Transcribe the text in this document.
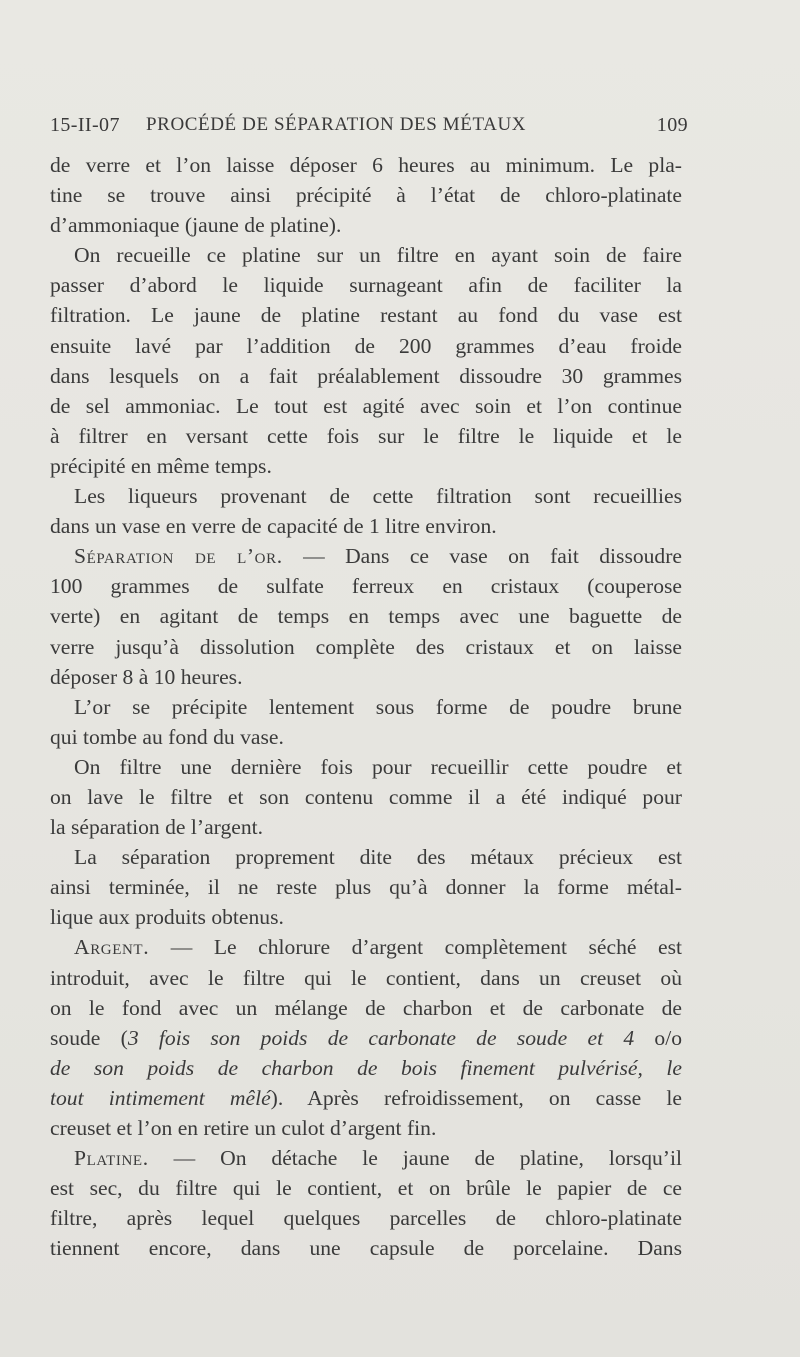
15-II-07 PROCÉDÉ DE SÉPARATION DES MÉTAUX	109
de verre et l’on laisse déposer 6 heures au minimum. Le pla-
tine se trouve ainsi précipité à l’état de chloro-platinate
d’ammoniaque (jaune de platine).
On recueille ce platine sur un filtre en ayant soin de faire
passer d’abord le liquide surnageant afin de faciliter la
filtration. Le jaune de platine restant au fond du vase est
ensuite lavé par l’addition de 200 grammes d’eau froide
dans lesquels on a fait préalablement dissoudre 30 grammes
de sel ammoniac. Le tout est agité avec soin et l’on continue
à filtrer en versant cette fois sur le filtre le liquide et le
précipité en même temps.
Les liqueurs provenant de cette filtration sont recueillies
dans un vase en verre de capacité de 1 litre environ.
Séparation de l’or. — Dans ce vase on fait dissoudre
100 grammes de sulfate ferreux en cristaux (couperose
verte) en agitant de temps en temps avec une baguette de
verre jusqu’à dissolution complète des cristaux et on laisse
déposer 8 à 10 heures.
L’or se précipite lentement sous forme de poudre brune
qui tombe au fond du vase.
On filtre une dernière fois pour recueillir cette poudre et
on lave le filtre et son contenu comme il a été indiqué pour
la séparation de l’argent.
La séparation proprement dite des métaux précieux est
ainsi terminée, il ne reste plus qu’à donner la forme métal-
lique aux produits obtenus.
Argent. — Le chlorure d’argent complètement séché est
introduit, avec le filtre qui le contient, dans un creuset où
on le fond avec un mélange de charbon et de carbonate de
soude (3 fois son poids de carbonate de soude et 4 o/o
de son poids de charbon de bois finement pulvérisé, le
tout intimement mêlé). Après refroidissement, on casse le
creuset et l’on en retire un culot d’argent fin.
Platine. — On détache le jaune de platine, lorsqu’il
est sec, du filtre qui le contient, et on brûle le papier de ce
filtre, après lequel quelques parcelles de chloro-platinate
tiennent encore, dans une capsule de porcelaine. Dans
